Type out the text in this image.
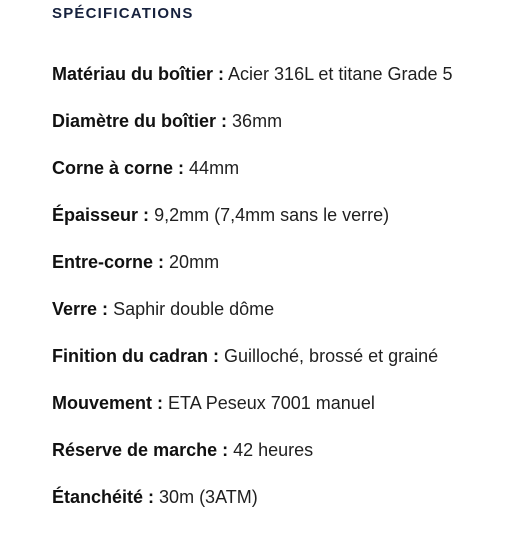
SPÉCIFICATIONS
Matériau du boîtier : Acier 316L et titane Grade 5
Diamètre du boîtier : 36mm
Corne à corne : 44mm
Épaisseur : 9,2mm (7,4mm sans le verre)
Entre-corne : 20mm
Verre : Saphir double dôme
Finition du cadran : Guilloché, brossé et grainé
Mouvement : ETA Peseux 7001 manuel
Réserve de marche : 42 heures
Étanchéité : 30m (3ATM)
